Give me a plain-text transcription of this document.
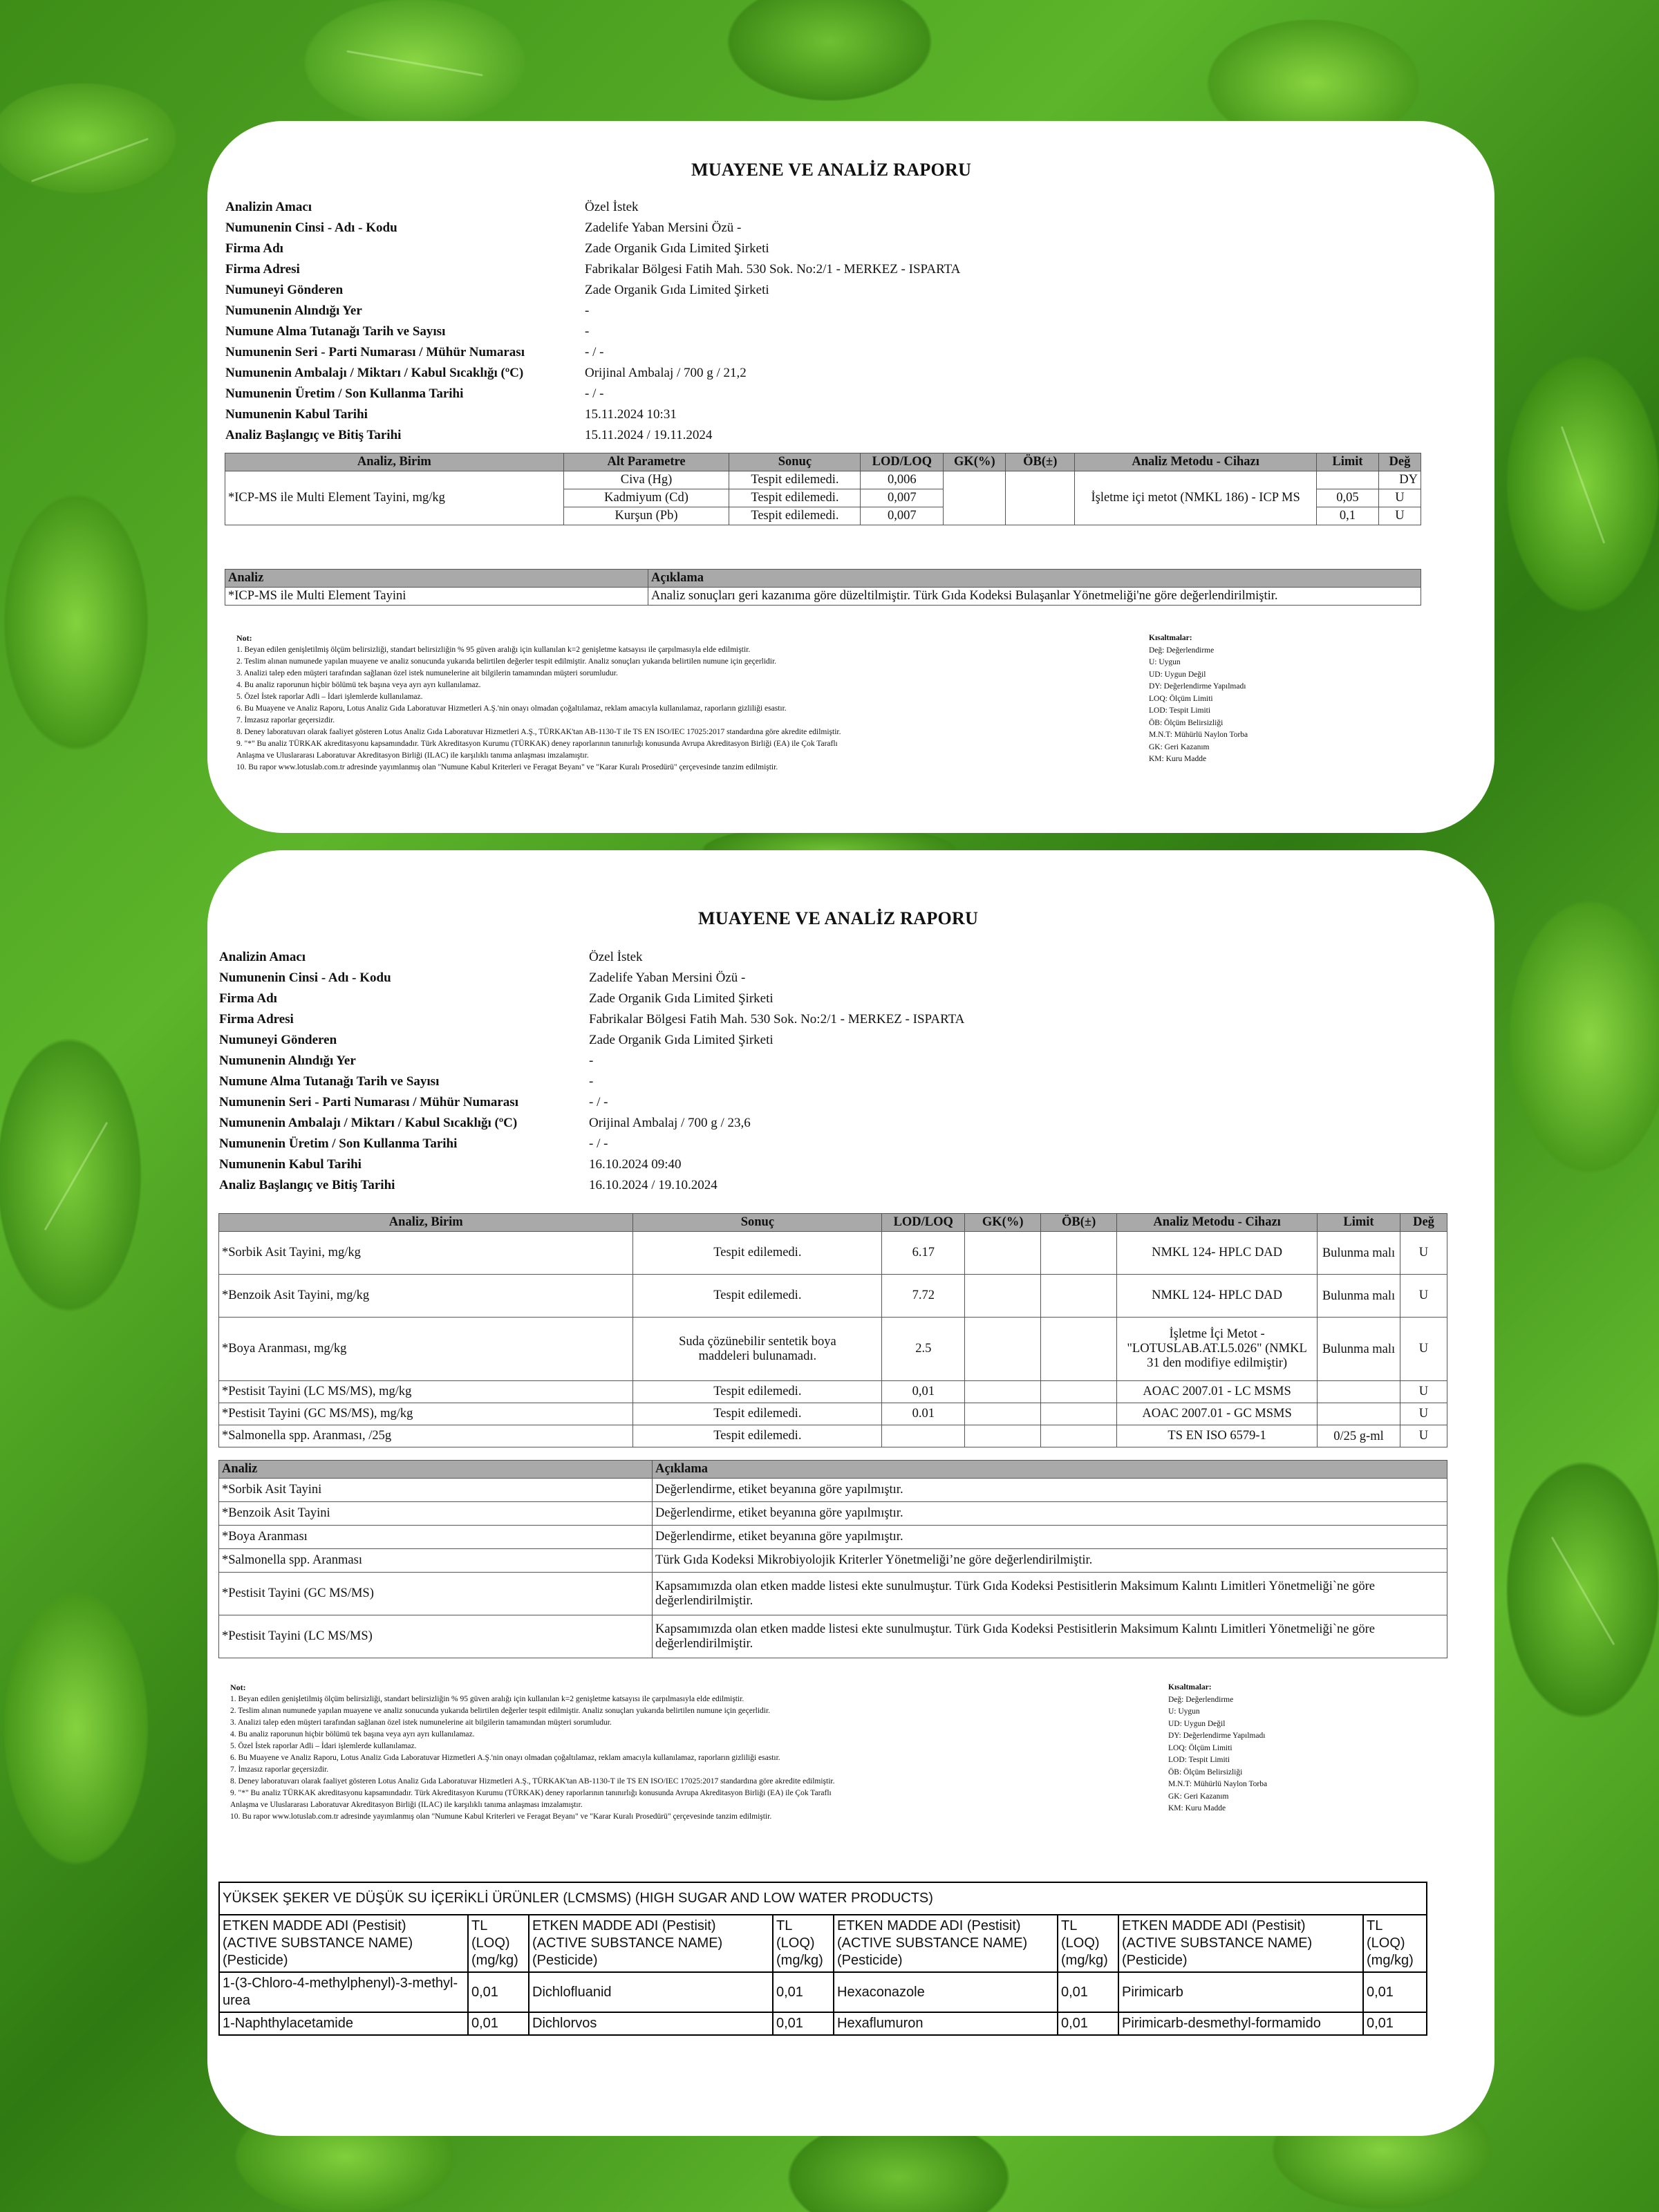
MUAYENE VE ANALİZ RAPORU
Analizin Amacı	Özel İstek
Numunenin Cinsi - Adı - Kodu	Zadelife Yaban Mersini Özü -
Firma Adı	Zade Organik Gıda Limited Şirketi
Firma Adresi	Fabrikalar Bölgesi Fatih Mah. 530 Sok. No:2/1 - MERKEZ - ISPARTA
Numuneyi Gönderen	Zade Organik Gıda Limited Şirketi
Numunenin Alındığı Yer	-
Numune Alma Tutanağı Tarih ve Sayısı	-
Numunenin Seri - Parti Numarası / Mühür Numarası	- / -
Numunenin Ambalajı / Miktarı / Kabul Sıcaklığı (ºC)	Orijinal Ambalaj / 700 g / 21,2
Numunenin Üretim / Son Kullanma Tarihi	- / -
Numunenin Kabul Tarihi	15.11.2024 10:31
Analiz Başlangıç ve Bitiş Tarihi	15.11.2024 / 19.11.2024
Analiz, Birim	Alt Parametre	Sonuç	LOD/LOQ	GK(%)	ÖB(±)	Analiz Metodu - Cihazı	Limit	Değ
*ICP-MS ile Multi Element Tayini, mg/kg	Civa (Hg)	Tespit edilemedi.	0,006			İşletme içi metot (NMKL 186) - ICP MS		DY
	Kadmiyum (Cd)	Tespit edilemedi.	0,007				0,05	U
	Kurşun (Pb)	Tespit edilemedi.	0,007				0,1	U
Analiz	Açıklama
*ICP-MS ile Multi Element Tayini	Analiz sonuçları geri kazanıma göre düzeltilmiştir. Türk Gıda Kodeksi Bulaşanlar Yönetmeliği'ne göre değerlendirilmiştir.
Not:
1. Beyan edilen genişletilmiş ölçüm belirsizliği, standart belirsizliğin % 95 güven aralığı için kullanılan k=2 genişletme katsayısı ile çarpılmasıyla elde edilmiştir.
2. Teslim alınan numunede yapılan muayene ve analiz sonucunda yukarıda belirtilen değerler tespit edilmiştir. Analiz sonuçları yukarıda belirtilen numune için geçerlidir.
3. Analizi talep eden müşteri tarafından sağlanan özel istek numunelerine ait bilgilerin tamamından müşteri sorumludur.
4. Bu analiz raporunun hiçbir bölümü tek başına veya ayrı ayrı kullanılamaz.
5. Özel İstek raporlar Adli – İdari işlemlerde kullanılamaz.
6. Bu Muayene ve Analiz Raporu, Lotus Analiz Gıda Laboratuvar Hizmetleri A.Ş.'nin onayı olmadan çoğaltılamaz, reklam amacıyla kullanılamaz, raporların gizliliği esastır.
7. İmzasız raporlar geçersizdir.
8. Deney laboratuvarı olarak faaliyet gösteren Lotus Analiz Gıda Laboratuvar Hizmetleri A.Ş., TÜRKAK'tan AB-1130-T ile TS EN ISO/IEC 17025:2017 standardına göre akredite edilmiştir.
9. "*" Bu analiz TÜRKAK akreditasyonu kapsamındadır. Türk Akreditasyon Kurumu (TÜRKAK) deney raporlarının tanınırlığı konusunda Avrupa Akreditasyon Birliği (EA) ile Çok Taraflı
Anlaşma ve Uluslararası Laboratuvar Akreditasyon Birliği (ILAC) ile karşılıklı tanıma anlaşması imzalamıştır.
10. Bu rapor www.lotuslab.com.tr adresinde yayımlanmış olan "Numune Kabul Kriterleri ve Feragat Beyanı" ve "Karar Kuralı Prosedürü" çerçevesinde tanzim edilmiştir.
Kısaltmalar:
Değ: Değerlendirme
U: Uygun
UD: Uygun Değil
DY: Değerlendirme Yapılmadı
LOQ: Ölçüm Limiti
LOD: Tespit Limiti
ÖB: Ölçüm Belirsizliği
M.N.T: Mühürlü Naylon Torba
GK: Geri Kazanım
KM: Kuru Madde
MUAYENE VE ANALİZ RAPORU
Analizin Amacı	Özel İstek
Numunenin Cinsi - Adı - Kodu	Zadelife Yaban Mersini Özü -
Firma Adı	Zade Organik Gıda Limited Şirketi
Firma Adresi	Fabrikalar Bölgesi Fatih Mah. 530 Sok. No:2/1 - MERKEZ - ISPARTA
Numuneyi Gönderen	Zade Organik Gıda Limited Şirketi
Numunenin Alındığı Yer	-
Numune Alma Tutanağı Tarih ve Sayısı	-
Numunenin Seri - Parti Numarası / Mühür Numarası	- / -
Numunenin Ambalajı / Miktarı / Kabul Sıcaklığı (ºC)	Orijinal Ambalaj / 700 g / 23,6
Numunenin Üretim / Son Kullanma Tarihi	- / -
Numunenin Kabul Tarihi	16.10.2024 09:40
Analiz Başlangıç ve Bitiş Tarihi	16.10.2024 / 19.10.2024
Analiz, Birim	Sonuç	LOD/LOQ	GK(%)	ÖB(±)	Analiz Metodu - Cihazı	Limit	Değ
*Sorbik Asit Tayini, mg/kg	Tespit edilemedi.	6.17			NMKL 124- HPLC DAD	Bulunma malı	U
*Benzoik Asit Tayini, mg/kg	Tespit edilemedi.	7.72			NMKL 124- HPLC DAD	Bulunma malı	U
*Boya Aranması, mg/kg	Suda çözünebilir sentetik boya maddeleri bulunamadı.	2.5			İşletme İçi Metot - "LOTUSLAB.AT.L5.026" (NMKL 31 den modifiye edilmiştir)	Bulunma malı	U
*Pestisit Tayini (LC MS/MS), mg/kg	Tespit edilemedi.	0,01			AOAC 2007.01 - LC MSMS		U
*Pestisit Tayini (GC MS/MS), mg/kg	Tespit edilemedi.	0.01			AOAC 2007.01 - GC MSMS		U
*Salmonella spp. Aranması, /25g	Tespit edilemedi.				TS EN ISO 6579-1	0/25 g-ml	U
Analiz	Açıklama
*Sorbik Asit Tayini	Değerlendirme, etiket beyanına göre yapılmıştır.
*Benzoik Asit Tayini	Değerlendirme, etiket beyanına göre yapılmıştır.
*Boya Aranması	Değerlendirme, etiket beyanına göre yapılmıştır.
*Salmonella spp. Aranması	Türk Gıda Kodeksi Mikrobiyolojik Kriterler Yönetmeliği’ne göre değerlendirilmiştir.
*Pestisit Tayini (GC MS/MS)	Kapsamımızda olan etken madde listesi ekte sunulmuştur. Türk Gıda Kodeksi Pestisitlerin Maksimum Kalıntı Limitleri Yönetmeliği`ne göre değerlendirilmiştir.
*Pestisit Tayini (LC MS/MS)	Kapsamımızda olan etken madde listesi ekte sunulmuştur. Türk Gıda Kodeksi Pestisitlerin Maksimum Kalıntı Limitleri Yönetmeliği`ne göre değerlendirilmiştir.
Not:
1. Beyan edilen genişletilmiş ölçüm belirsizliği, standart belirsizliğin % 95 güven aralığı için kullanılan k=2 genişletme katsayısı ile çarpılmasıyla elde edilmiştir.
2. Teslim alınan numunede yapılan muayene ve analiz sonucunda yukarıda belirtilen değerler tespit edilmiştir. Analiz sonuçları yukarıda belirtilen numune için geçerlidir.
3. Analizi talep eden müşteri tarafından sağlanan özel istek numunelerine ait bilgilerin tamamından müşteri sorumludur.
4. Bu analiz raporunun hiçbir bölümü tek başına veya ayrı ayrı kullanılamaz.
5. Özel İstek raporlar Adli – İdari işlemlerde kullanılamaz.
6. Bu Muayene ve Analiz Raporu, Lotus Analiz Gıda Laboratuvar Hizmetleri A.Ş.'nin onayı olmadan çoğaltılamaz, reklam amacıyla kullanılamaz, raporların gizliliği esastır.
7. İmzasız raporlar geçersizdir.
8. Deney laboratuvarı olarak faaliyet gösteren Lotus Analiz Gıda Laboratuvar Hizmetleri A.Ş., TÜRKAK'tan AB-1130-T ile TS EN ISO/IEC 17025:2017 standardına göre akredite edilmiştir.
9. "*" Bu analiz TÜRKAK akreditasyonu kapsamındadır. Türk Akreditasyon Kurumu (TÜRKAK) deney raporlarının tanınırlığı konusunda Avrupa Akreditasyon Birliği (EA) ile Çok Taraflı
Anlaşma ve Uluslararası Laboratuvar Akreditasyon Birliği (ILAC) ile karşılıklı tanıma anlaşması imzalamıştır.
10. Bu rapor www.lotuslab.com.tr adresinde yayımlanmış olan "Numune Kabul Kriterleri ve Feragat Beyanı" ve "Karar Kuralı Prosedürü" çerçevesinde tanzim edilmiştir.
Kısaltmalar:
Değ: Değerlendirme
U: Uygun
UD: Uygun Değil
DY: Değerlendirme Yapılmadı
LOQ: Ölçüm Limiti
LOD: Tespit Limiti
ÖB: Ölçüm Belirsizliği
M.N.T: Mühürlü Naylon Torba
GK: Geri Kazanım
KM: Kuru Madde
YÜKSEK ŞEKER VE DÜŞÜK SU İÇERİKLİ ÜRÜNLER (LCMSMS) (HIGH SUGAR AND LOW WATER PRODUCTS)							
ETKEN MADDE ADI (Pestisit) (ACTIVE SUBSTANCE NAME) (Pesticide)	TL (LOQ) (mg/kg)	ETKEN MADDE ADI (Pestisit) (ACTIVE SUBSTANCE NAME) (Pesticide)	TL (LOQ) (mg/kg)	ETKEN MADDE ADI (Pestisit) (ACTIVE SUBSTANCE NAME) (Pesticide)	TL (LOQ) (mg/kg)	ETKEN MADDE ADI (Pestisit) (ACTIVE SUBSTANCE NAME) (Pesticide)	TL (LOQ) (mg/kg)
1-(3-Chloro-4-methylphenyl)-3-methyl-urea	0,01	Dichlofluanid	0,01	Hexaconazole	0,01	Pirimicarb	0,01
1-Naphthylacetamide	0,01	Dichlorvos	0,01	Hexaflumuron	0,01	Pirimicarb-desmethyl-formamido	0,01
